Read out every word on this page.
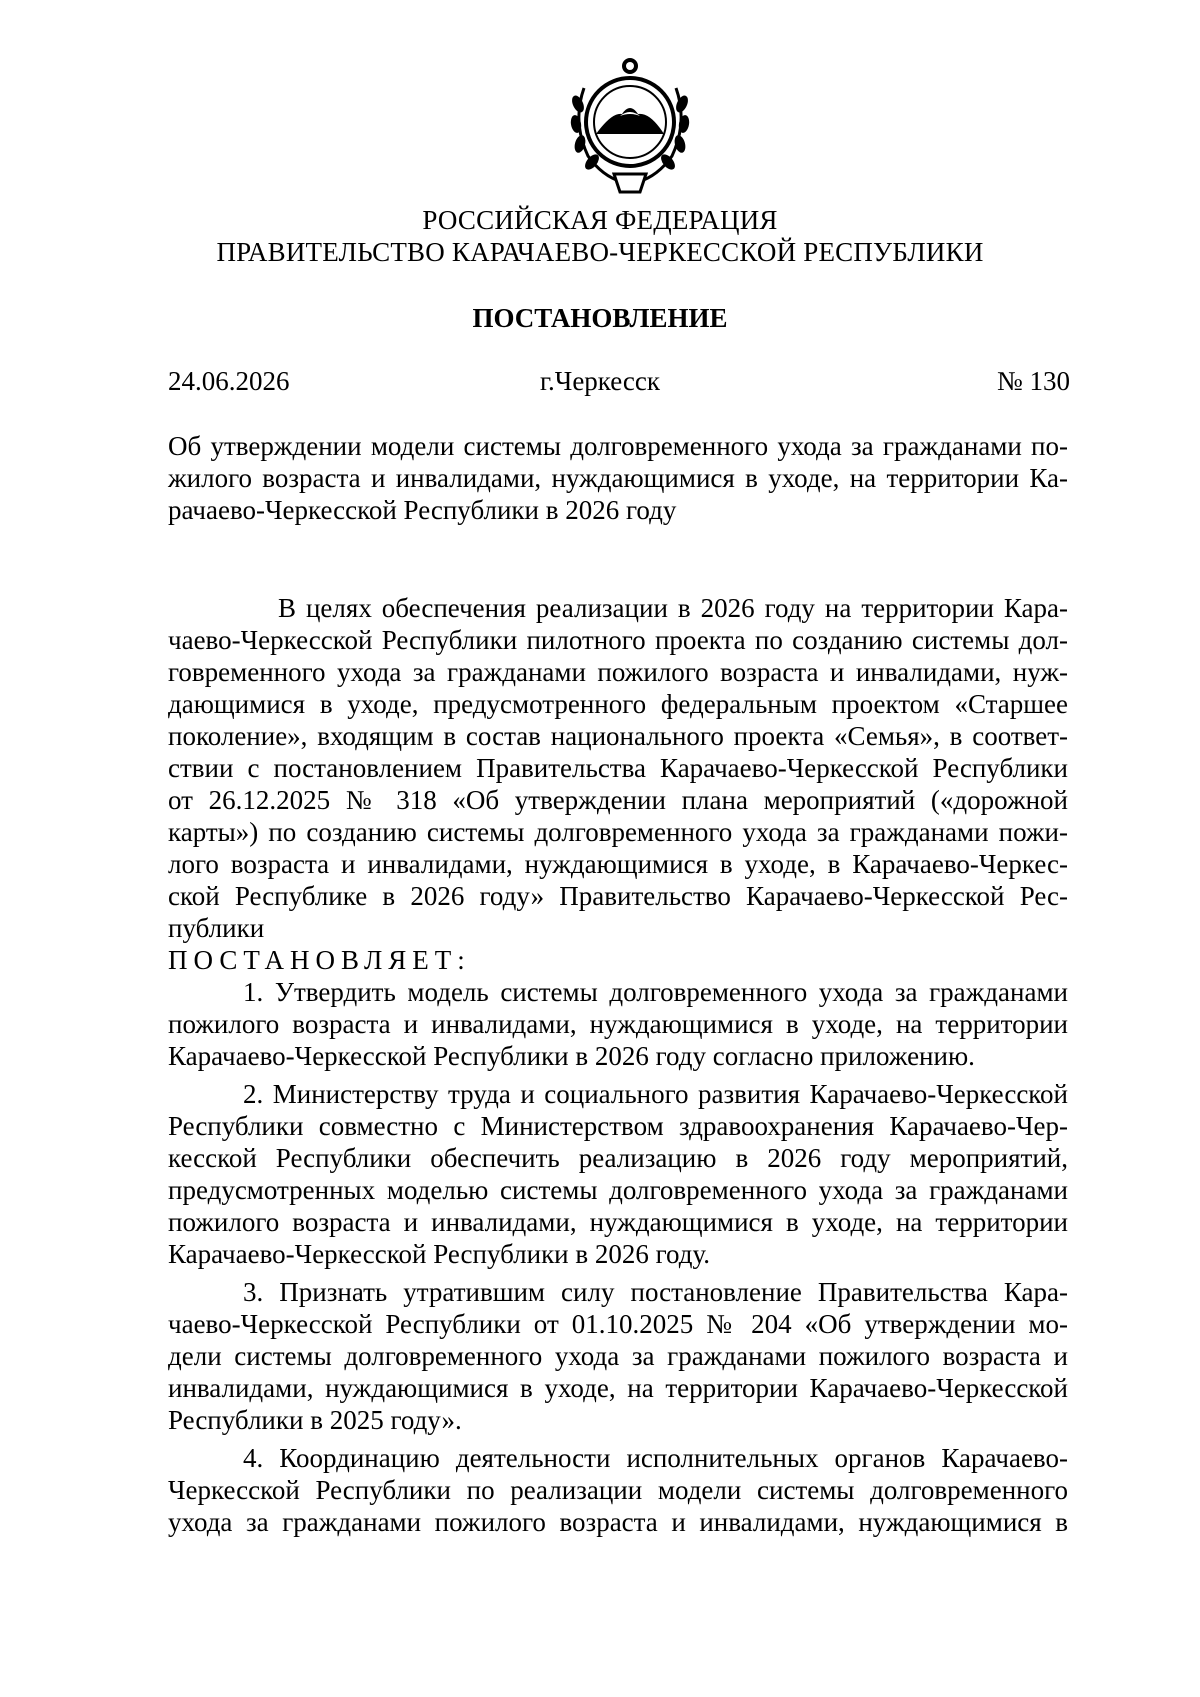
РОССИЙСКАЯ ФЕДЕРАЦИЯ
ПРАВИТЕЛЬСТВО КАРАЧАЕВО-ЧЕРКЕССКОЙ РЕСПУБЛИКИ
ПОСТАНОВЛЕНИЕ
24.06.2026	г.Черкесск	№ 130
Об утверждении модели системы долговременного ухода за гражданами по-
жилого возраста и инвалидами, нуждающимися в уходе, на территории Ка-
рачаево-Черкесской Республики в 2026 году
В целях обеспечения реализации в 2026 году на территории Кара-
чаево-Черкесской Республики пилотного проекта по созданию системы дол-
говременного ухода за гражданами пожилого возраста и инвалидами, нуж-
дающимися в уходе, предусмотренного федеральным проектом «Старшее
поколение», входящим в состав национального проекта «Семья», в соответ-
ствии с постановлением Правительства Карачаево-Черкесской Республики
от 26.12.2025 № 318 «Об утверждении плана мероприятий («дорожной
карты») по созданию системы долговременного ухода за гражданами пожи-
лого возраста и инвалидами, нуждающимися в уходе, в Карачаево-Черкес-
ской Республике в 2026 году» Правительство Карачаево-Черкесской Рес-
публики
ПОСТАНОВЛЯЕТ:
1. Утвердить модель системы долговременного ухода за гражданами
пожилого возраста и инвалидами, нуждающимися в уходе, на территории
Карачаево-Черкесской Республики в 2026 году согласно приложению.
2. Министерству труда и социального развития Карачаево-Черкесской
Республики совместно с Министерством здравоохранения Карачаево-Чер-
кесской Республики обеспечить реализацию в 2026 году мероприятий,
предусмотренных моделью системы долговременного ухода за гражданами
пожилого возраста и инвалидами, нуждающимися в уходе, на территории
Карачаево-Черкесской Республики в 2026 году.
3. Признать утратившим силу постановление Правительства Кара-
чаево-Черкесской Республики от 01.10.2025 № 204 «Об утверждении мо-
дели системы долговременного ухода за гражданами пожилого возраста и
инвалидами, нуждающимися в уходе, на территории Карачаево-Черкесской
Республики в 2025 году».
4. Координацию деятельности исполнительных органов Карачаево-
Черкесской Республики по реализации модели системы долговременного
ухода за гражданами пожилого возраста и инвалидами, нуждающимися в
